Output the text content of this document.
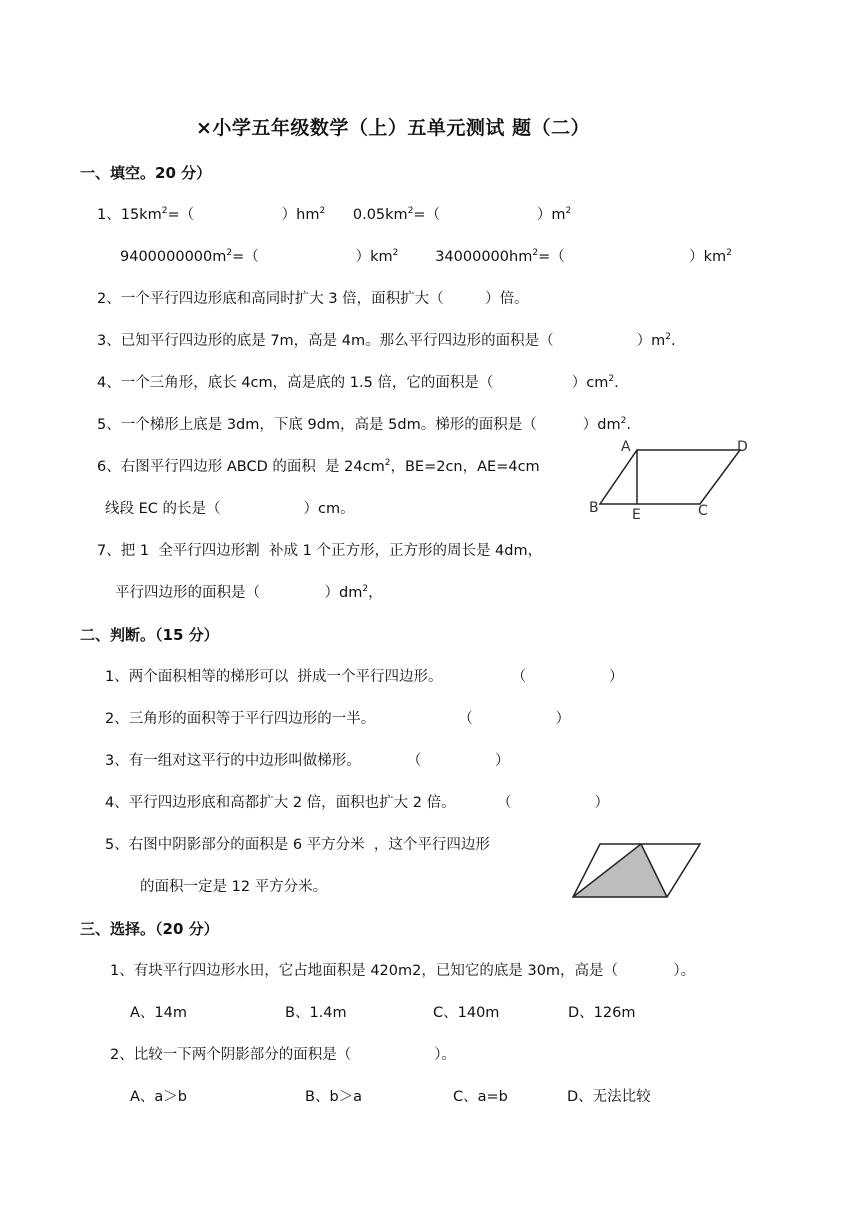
×小学五年级数学（上）五单元测试 题（二）
一、填空。20 分）
1、$15km^2=$（                   ）$hm^2$      $0.05km^2=$（                     ）$m^2$
$9400000000m^2=$（                     ）$km^2$        $34000000hm^2=$（                           ）$km^2$
2、一个平行四边形底和高同时扩大 3 倍，面积扩大（         ）倍。
3、已知平行四边形的底是 7m，高是 4m。那么平行四边形的面积是（                  ）$m^2$.
4、一个三角形，底长 4cm，高是底的 1.5 倍，它的面积是（                 ）$cm^2$.
5、一个梯形上底是 3dm，下底 9dm，高是 5dm。梯形的面积是（          ）$dm^2$.
6、右图平行四边形 ABCD 的面积  是 $24cm^2$，BE=2cn，AE=4cm
线段 EC 的长是（                  ）cm。
A	D
B E	C
7、把 1  全平行四边形割  补成 1 个正方形，正方形的周长是 4dm，
平行四边形的面积是（              ）$dm^2$，
二、判断。（15 分）
1、两个面积相等的梯形可以  拼成一个平行四边形。               （                  ）
2、三角形的面积等于平行四边形的一半。                  （                  ）
3、有一组对这平行的中边形叫做梯形。          （                ）
4、平行四边形底和高都扩大 2 倍，面积也扩大 2 倍。         （                  ）
5、右图中阴影部分的面积是 6 平方分米  ，这个平行四边形
的面积一定是 12 平方分米。
三、选择。（20 分）
1、有块平行四边形水田，它占地面积是 420m2，已知它的底是 30m，高是（            ）。
A、14m	B、1.4m	C、140m	D、126m
2、比较一下两个阴影部分的面积是（                  ）。
A、a＞b	B、b＞a	C、a=b	D、无法比较
